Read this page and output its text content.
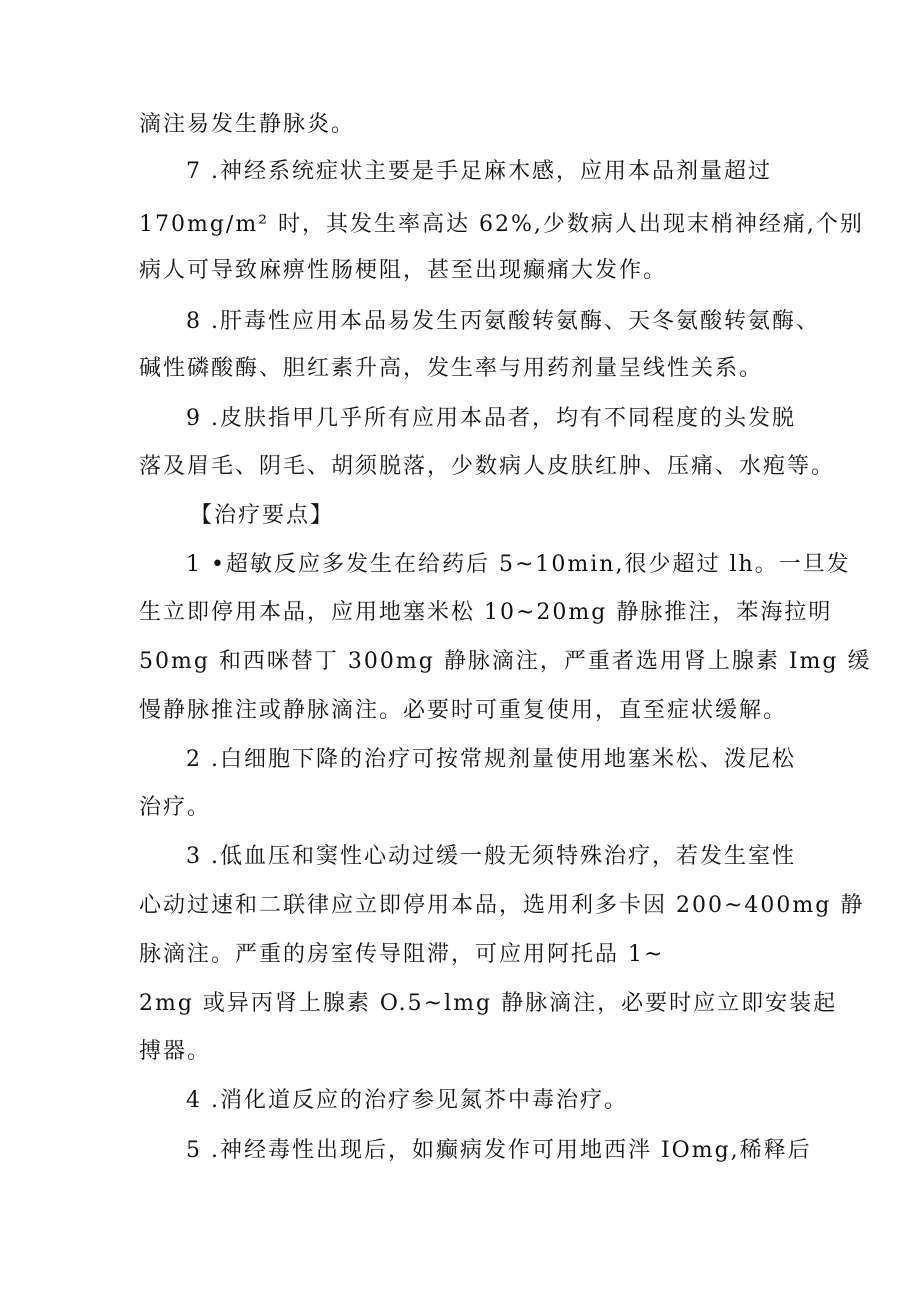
滴注易发生静脉炎。
7 .神经系统症状主要是手足麻木感，应用本品剂量超过
170mg∕m² 时，其发生率高达 62%,少数病人出现末梢神经痛,个别
病人可导致麻痹性肠梗阻，甚至出现癫痛大发作。
8 .肝毒性应用本品易发生丙氨酸转氨酶、天冬氨酸转氨酶、
碱性磷酸酶、胆红素升高，发生率与用药剂量呈线性关系。
9 .皮肤指甲几乎所有应用本品者，均有不同程度的头发脱
落及眉毛、阴毛、胡须脱落，少数病人皮肤红肿、压痛、水疱等。
【治疗要点】
1 •超敏反应多发生在给药后 5~10min,很少超过 lh。一旦发
生立即停用本品，应用地塞米松 10~20mg 静脉推注，苯海拉明
50mg 和西咪替丁 300mg 静脉滴注，严重者选用肾上腺素 Img 缓
慢静脉推注或静脉滴注。必要时可重复使用，直至症状缓解。
2 .白细胞下降的治疗可按常规剂量使用地塞米松、泼尼松
治疗。
3 .低血压和窦性心动过缓一般无须特殊治疗，若发生室性
心动过速和二联律应立即停用本品，选用利多卡因 200~400mg 静
脉滴注。严重的房室传导阻滞，可应用阿托品 1~
2mg 或异丙肾上腺素 O.5~lmg 静脉滴注，必要时应立即安装起
搏器。
4 .消化道反应的治疗参见氮芥中毒治疗。
5 .神经毒性出现后，如癫病发作可用地西泮 IOmg,稀释后
